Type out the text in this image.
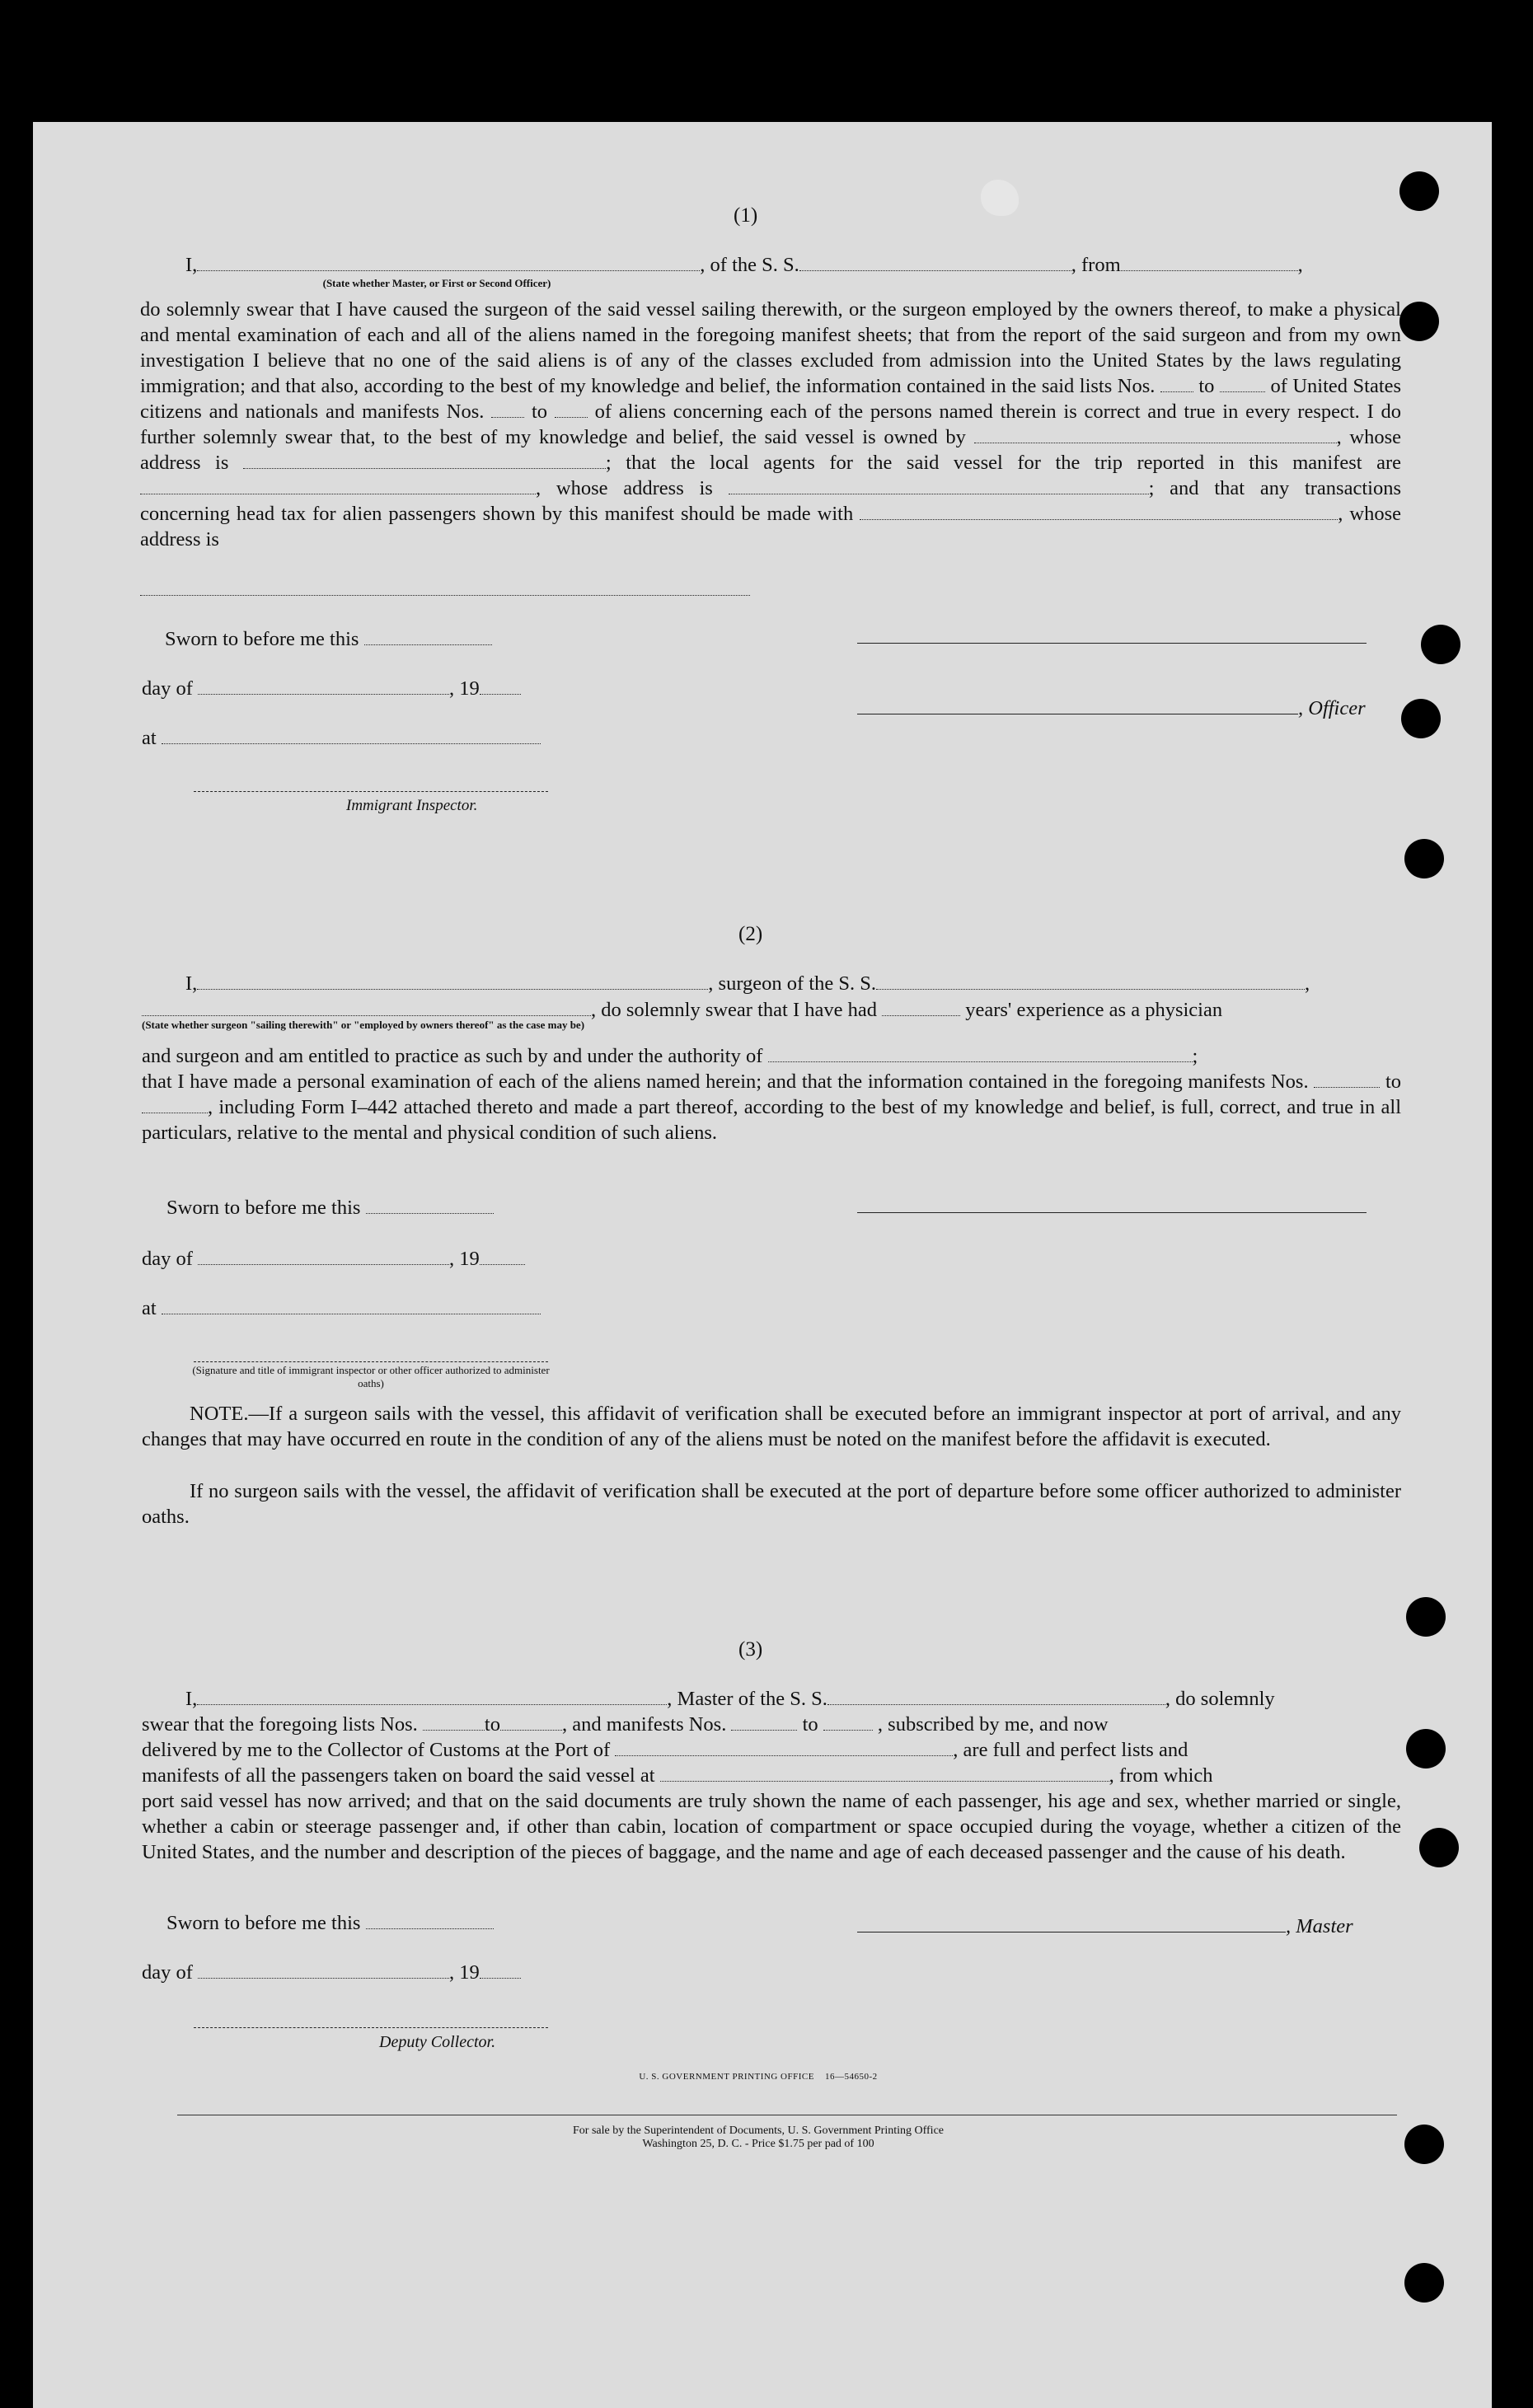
(1)
I,	, of the S. S.	, from	,
(State whether Master, or First or Second Officer)
do solemnly swear that I have caused the surgeon of the said vessel sailing therewith, or the surgeon employed by the owners thereof, to make a physical and mental examination of each and all of the aliens named in the foregoing manifest sheets; that from the report of the said surgeon and from my own investigation I believe that no one of the said aliens is of any of the classes excluded from admission into the United States by the laws regulating immigration; and that also, according to the best of my knowledge and belief, the information contained in the said lists Nos. to	of United States citizens and nationals and manifests Nos. to of aliens concerning each of the persons named therein is correct and true in every respect. I do further solemnly swear that, to the best of my knowledge and belief, the said vessel is owned by	, whose address is	; that the local agents for the said vessel for the trip reported in this manifest are , whose address is	; and that any transactions concerning head tax for alien passengers shown by this manifest should be made with	, whose address is
Sworn to before me this
day of	, 19
, Officer
at
Immigrant Inspector.
(2)
I,	, surgeon of the S. S.	,
, do solemnly swear that I have had	years' experience as a physician
(State whether surgeon "sailing therewith" or "employed by owners thereof" as the case may be)
and surgeon and am entitled to practice as such by and under the authority of	;
that I have made a personal examination of each of the aliens named herein; and that the information contained in the foregoing manifests Nos.	to , including Form I–442 attached thereto and made a part thereof, according to the best of my knowledge and belief, is full, correct, and true in all particulars, relative to the mental and physical condition of such aliens.
Sworn to before me this
day of	, 19
at
(Signature and title of immigrant inspector or other officer authorized to administer oaths)
NOTE.—If a surgeon sails with the vessel, this affidavit of verification shall be executed before an immigrant inspector at port of arrival, and any changes that may have occurred en route in the condition of any of the aliens must be noted on the manifest before the affidavit is executed.
If no surgeon sails with the vessel, the affidavit of verification shall be executed at the port of departure before some officer authorized to administer oaths.
(3)
I,	, Master of the S. S.	, do solemnly
swear that the foregoing lists Nos.	to	, and manifests Nos.	to	, subscribed by me, and now
delivered by me to the Collector of Customs at the Port of	, are full and perfect lists and
manifests of all the passengers taken on board the said vessel at	, from which
port said vessel has now arrived; and that on the said documents are truly shown the name of each passenger, his age and sex, whether married or single, whether a cabin or steerage passenger and, if other than cabin, location of compartment or space occupied during the voyage, whether a citizen of the United States, and the number and description of the pieces of baggage, and the name and age of each deceased passenger and the cause of his death.
Sworn to before me this	, Master
day of	, 19
Deputy Collector.
U. S. GOVERNMENT PRINTING OFFICE 16—54650-2
For sale by the Superintendent of Documents, U. S. Government Printing Office
Washington 25, D. C. - Price $1.75 per pad of 100
